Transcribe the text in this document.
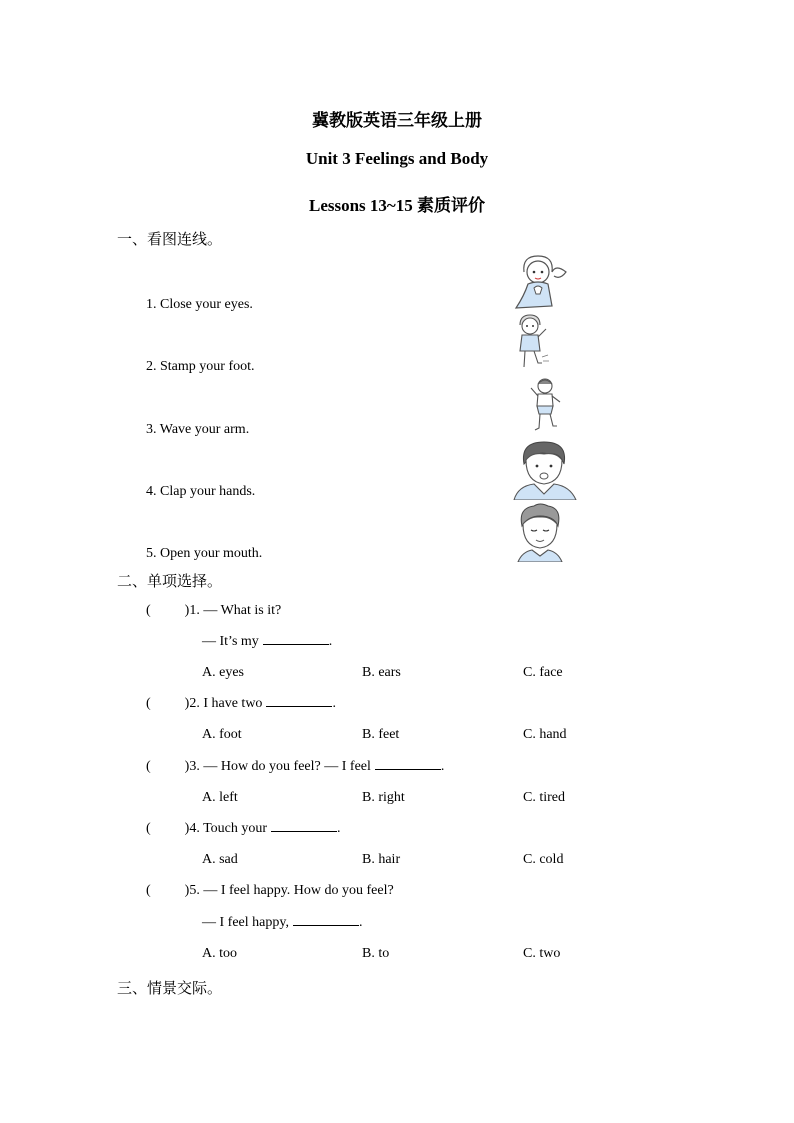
冀教版英语三年级上册
Unit 3 Feelings and Body
Lessons 13~15 素质评价
一、看图连线。
1. Close your eyes.
2. Stamp your foot.
3. Wave your arm.
4. Clap your hands.
5. Open your mouth.
二、单项选择。
( )1. — What is it?
— It’s my	.
A. eyes	B. ears	C. face
( )2. I have two	.
A. foot	B. feet	C. hand
( )3. — How do you feel? — I feel	.
A. left	B. right	C. tired
( )4. Touch your	.
A. sad	B. hair	C. cold
( )5. — I feel happy. How do you feel?
— I feel happy,	.
A. too	B. to	C. two
三、情景交际。
